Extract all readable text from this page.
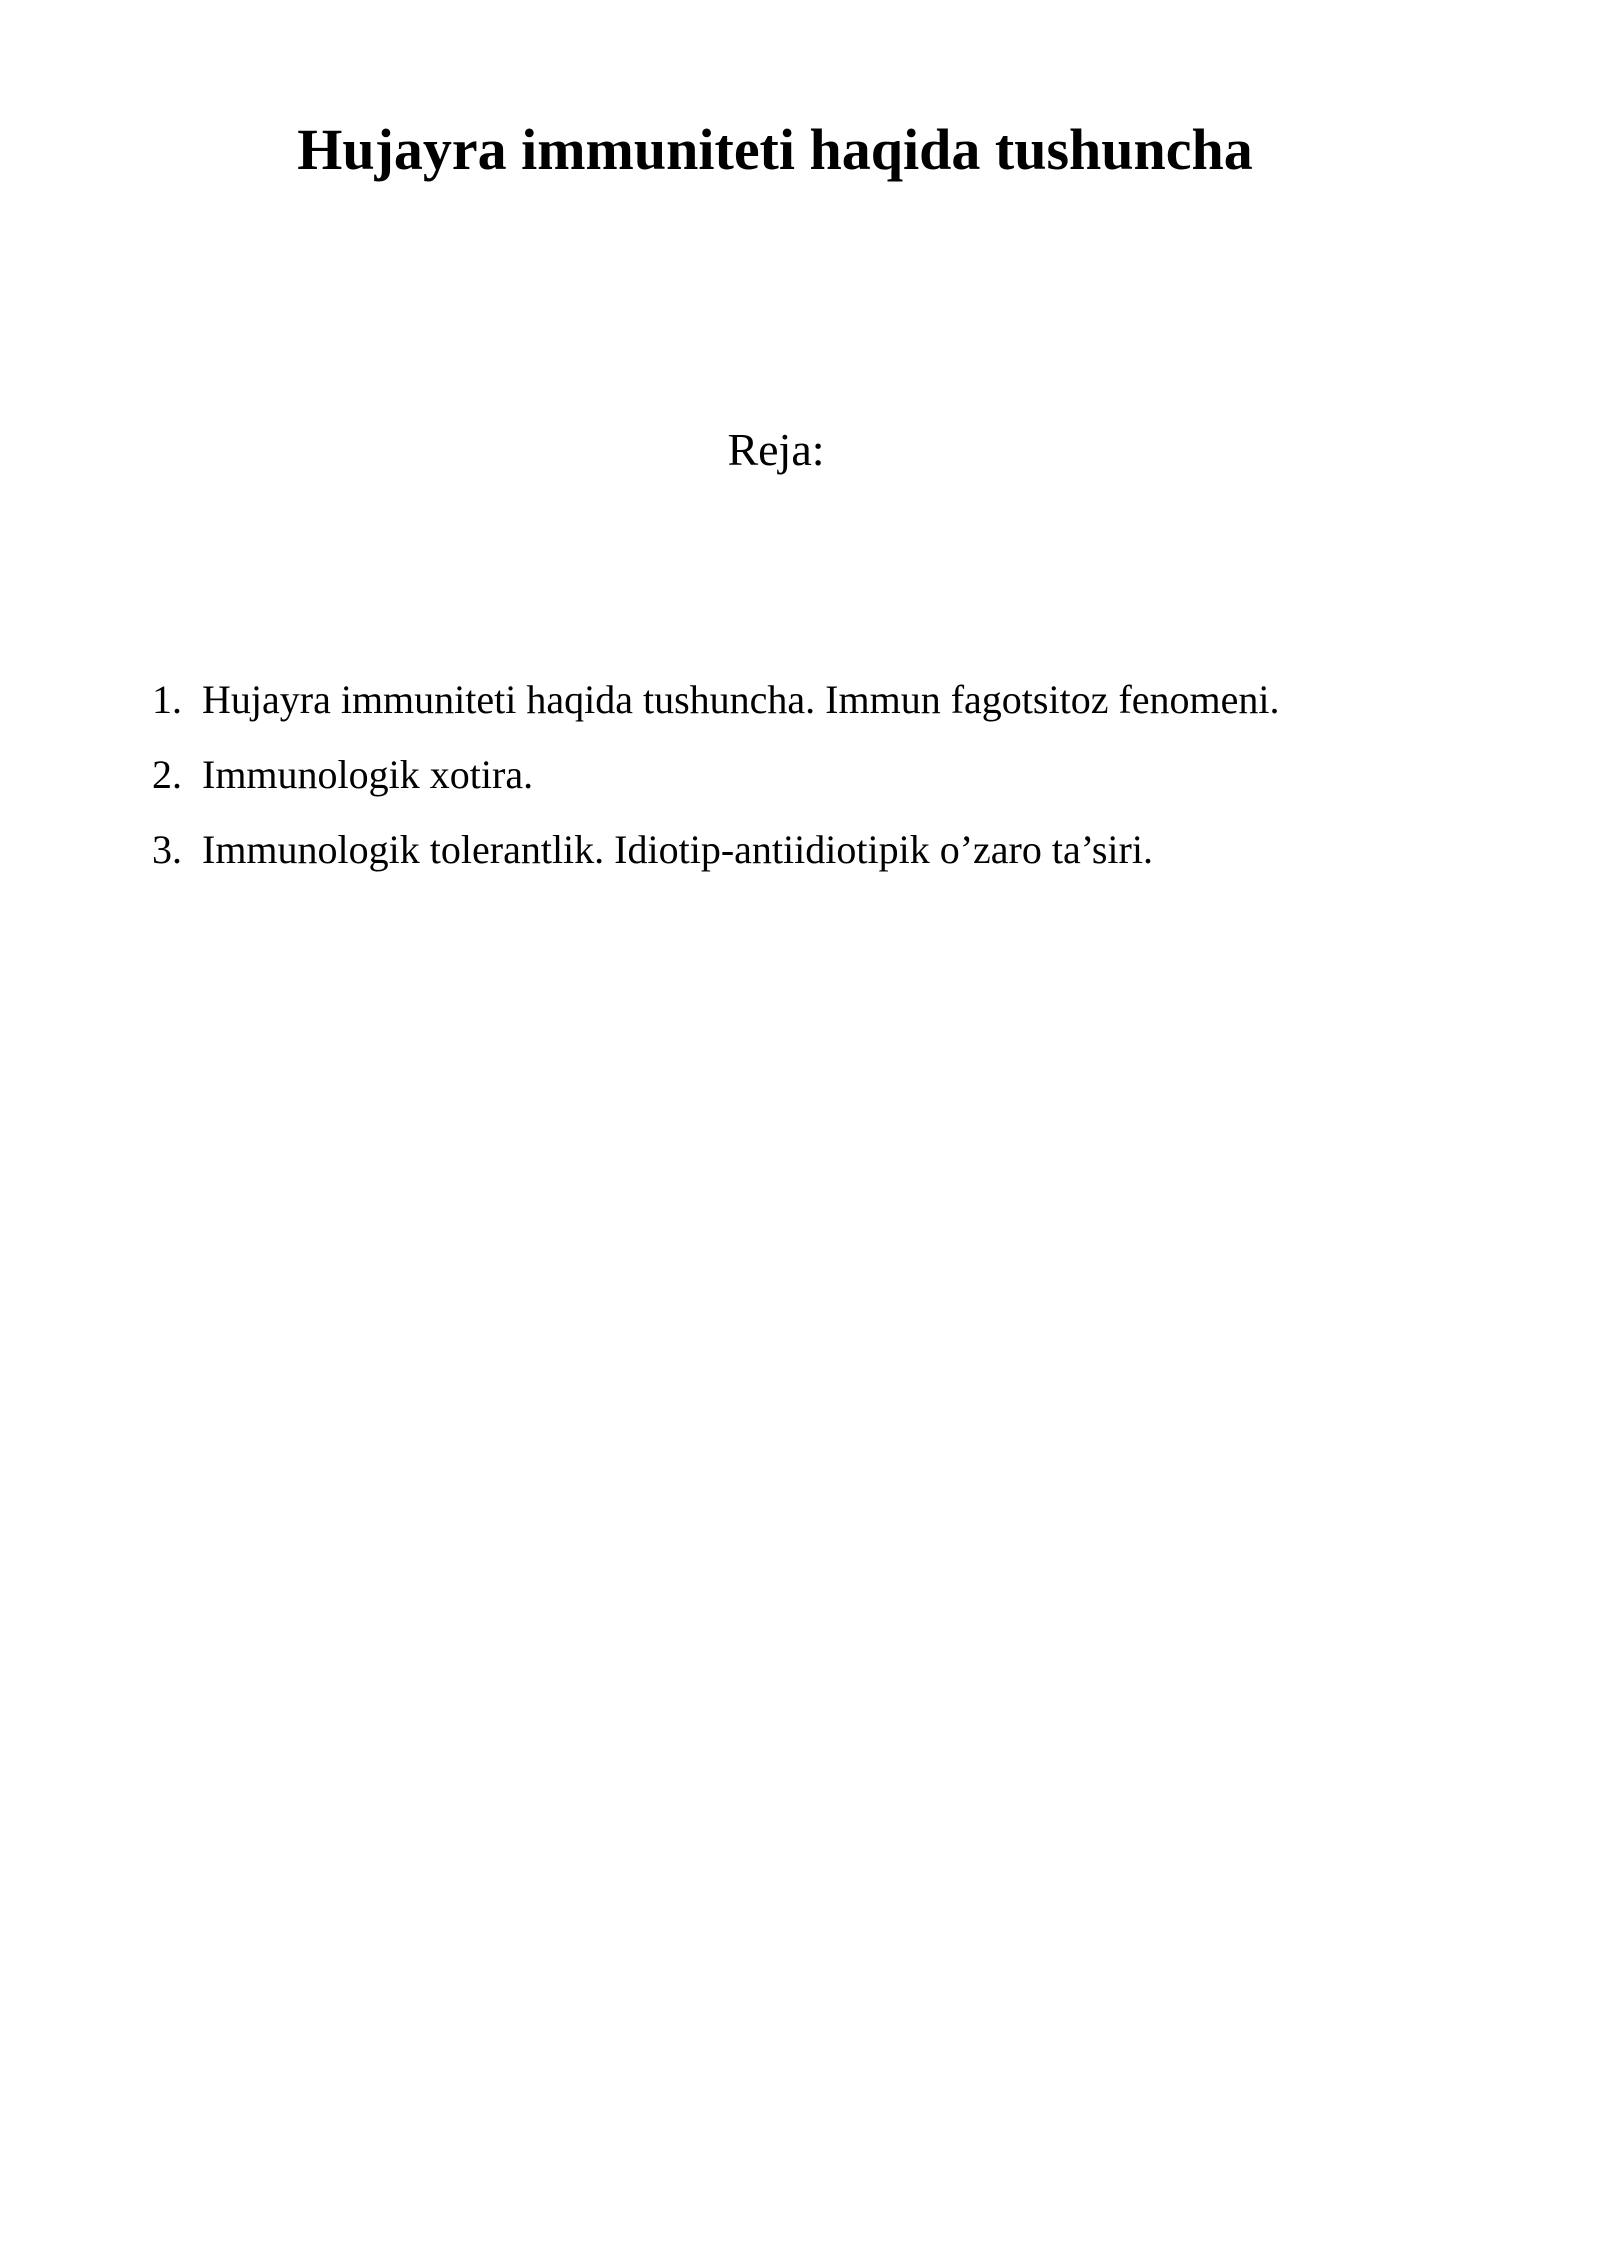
Hujayra immuniteti haqida tushuncha
Reja:
1. Hujayra immuniteti haqida tushuncha. Immun fagotsitoz fenomeni.
2. Immunologik xotira.
3. Immunologik tolerantlik. Idiotip-antiidiotipik o’zaro ta’siri.
